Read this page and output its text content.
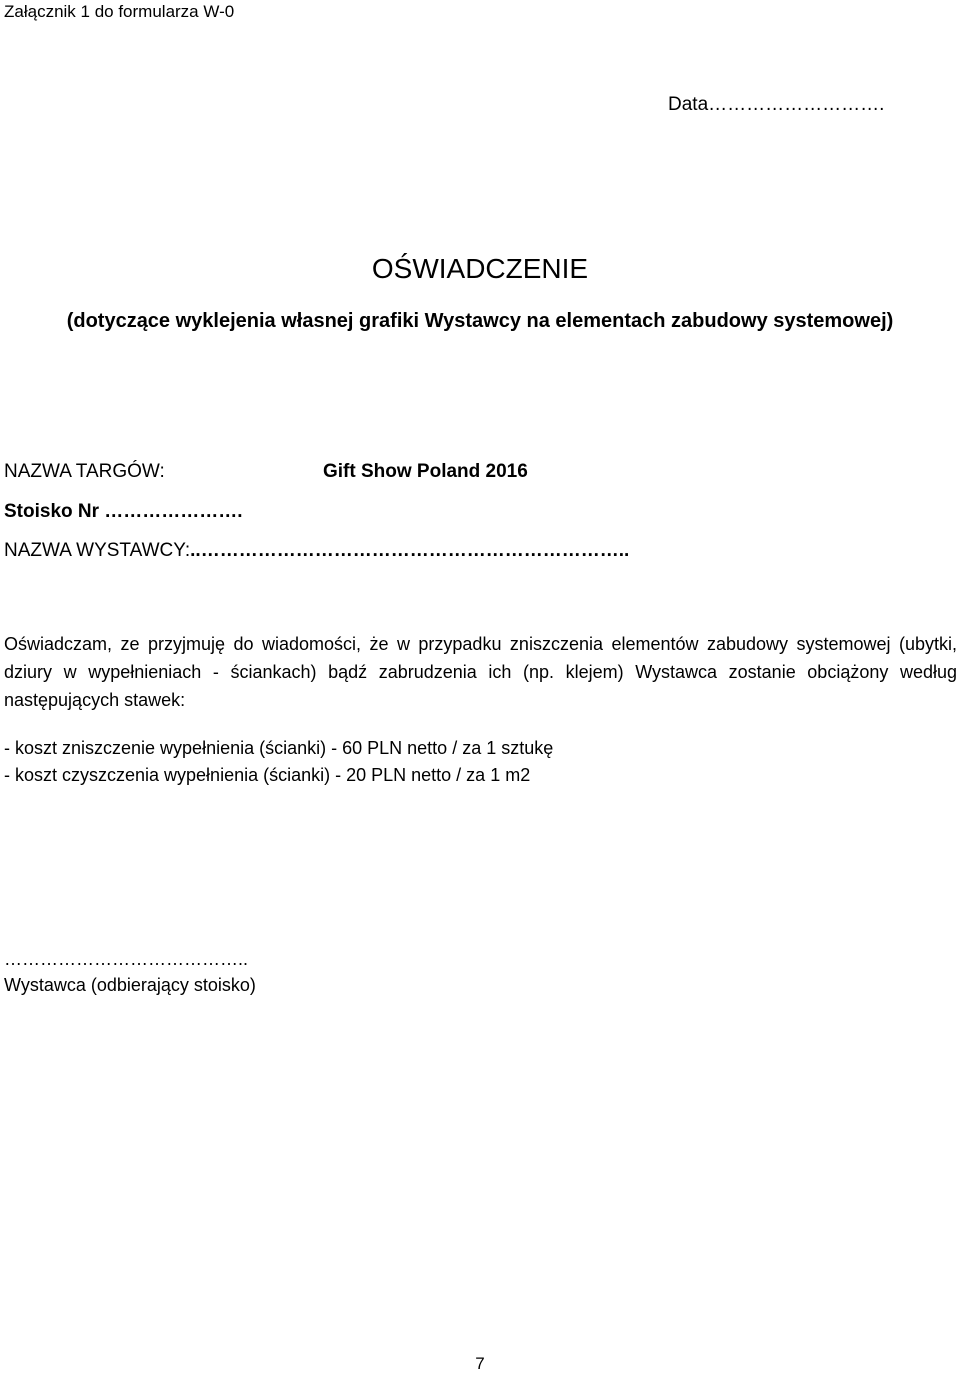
Załącznik 1 do formularza W-0
Data……………………….
OŚWIADCZENIE
(dotyczące wyklejenia własnej grafiki Wystawcy na elementach zabudowy systemowej)
NAZWA TARGÓW:	Gift Show Poland 2016
Stoisko Nr ………………….
NAZWA WYSTAWCY:..…………………………………………………………..

Oświadczam, ze przyjmuję do wiadomości, że w przypadku zniszczenia elementów zabudowy systemowej (ubytki, dziury w wypełnieniach - ściankach) bądź zabrudzenia ich (np. klejem) Wystawca zostanie obciążony według następujących stawek:

- koszt zniszczenie wypełnienia (ścianki) - 60 PLN netto / za 1 sztukę
- koszt czyszczenia wypełnienia (ścianki) - 20 PLN netto / za 1 m2
…………………………………..
Wystawca (odbierający stoisko)
7
